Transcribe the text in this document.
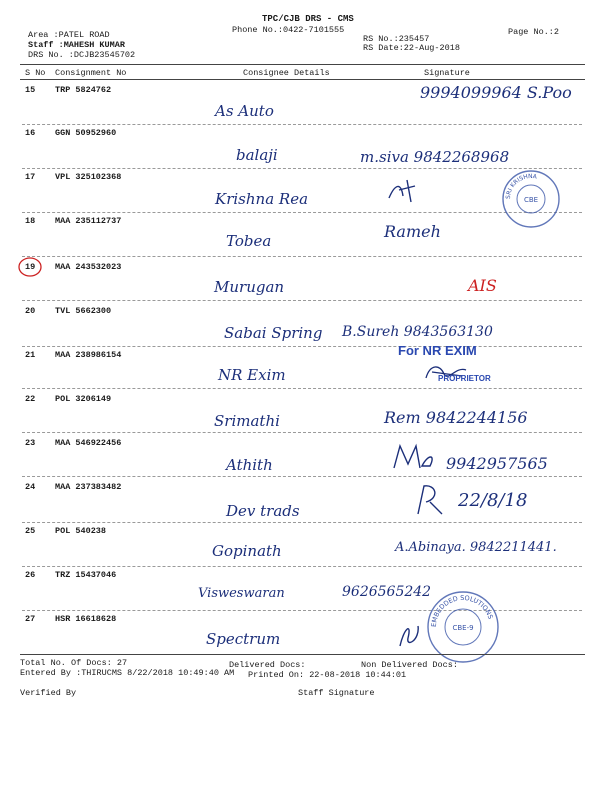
TPC/CJB DRS - CMS
Phone No.:0422-7101555
Area :PATEL ROAD	RS No.:235457
Page No.:2
Staff :MAHESH KUMAR	RS Date:22-Aug-2018
DRS No. :DCJB23545702
S No Consignment No	Consignee Details	Signature
15 TRP 5824762
As Auto
9994099964 S.Poo
16 GGN 50952960
balaji	m.siva 9842268968
17 VPL 325102368
Krishna Rea
18 MAA 235112737
Tobea	Rameh
19 MAA 243532023
Murugan	AIS
20 TVL 5662300
Sabai Spring B.Sureh 9843563130
21 MAA 238986154
NR Exim
For NR EXIM
PROPRIETOR
22 POL 3206149
Srimathi	Rem 9842244156
23 MAA 546922456
Athith	9942957565
24 MAA 237383482
Dev trads	22/8/18
25 POL 540238
Gopinath	A.Abinaya. 9842211441.
26 TRZ 15437046
Visweswaran	9626565242
27 HSR 16618628
Spectrum
SRI KRISHNA
CBE
EMBEDDED SOLUTIONS
CBE-9
Total No. Of Docs: 27	Delivered Docs:	Non Delivered Docs:
Entered By :THIRUCMS 8/22/2018 10:49:40 AM Printed On: 22-08-2018 10:44:01
Verified By	Staff Signature
